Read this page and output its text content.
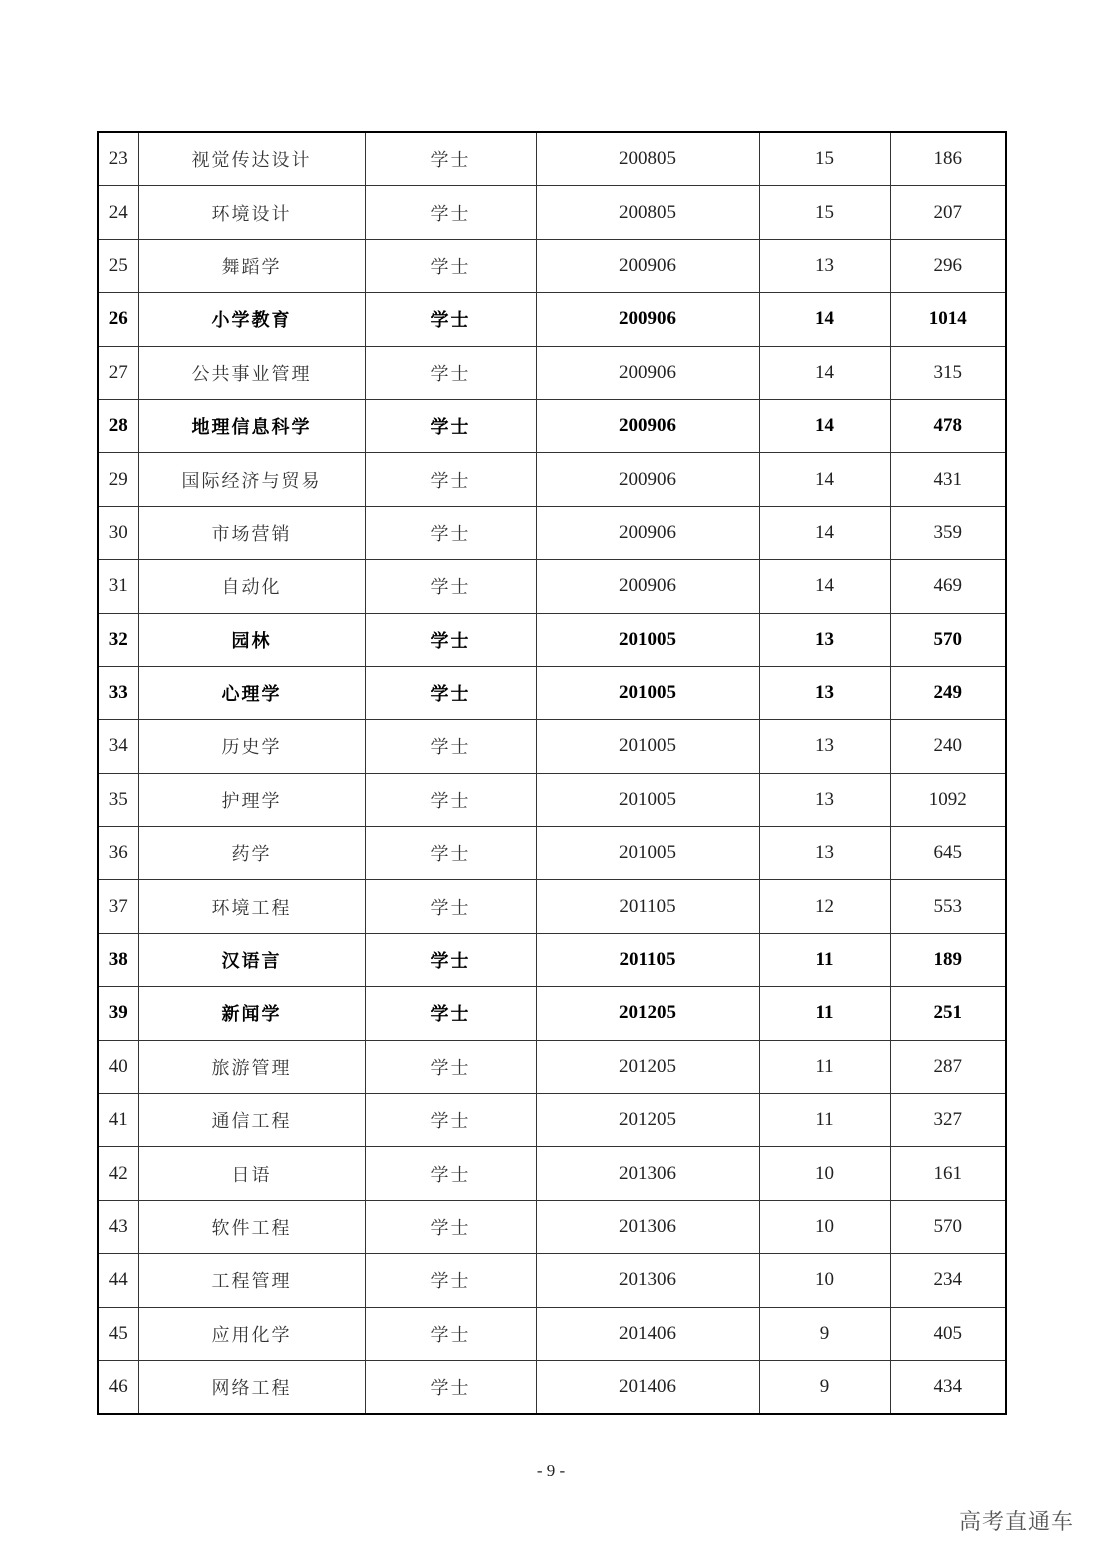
23	视觉传达设计	学士	200805	15	186
24	环境设计	学士	200805	15	207
25	舞蹈学	学士	200906	13	296
26	小学教育	学士	200906	14	1014
27	公共事业管理	学士	200906	14	315
28	地理信息科学	学士	200906	14	478
29	国际经济与贸易	学士	200906	14	431
30	市场营销	学士	200906	14	359
31	自动化	学士	200906	14	469
32	园林	学士	201005	13	570
33	心理学	学士	201005	13	249
34	历史学	学士	201005	13	240
35	护理学	学士	201005	13	1092
36	药学	学士	201005	13	645
37	环境工程	学士	201105	12	553
38	汉语言	学士	201105	11	189
39	新闻学	学士	201205	11	251
40	旅游管理	学士	201205	11	287
41	通信工程	学士	201205	11	327
42	日语	学士	201306	10	161
43	软件工程	学士	201306	10	570
44	工程管理	学士	201306	10	234
45	应用化学	学士	201406	9	405
46	网络工程	学士	201406	9	434
- 9 -
高考直通车
